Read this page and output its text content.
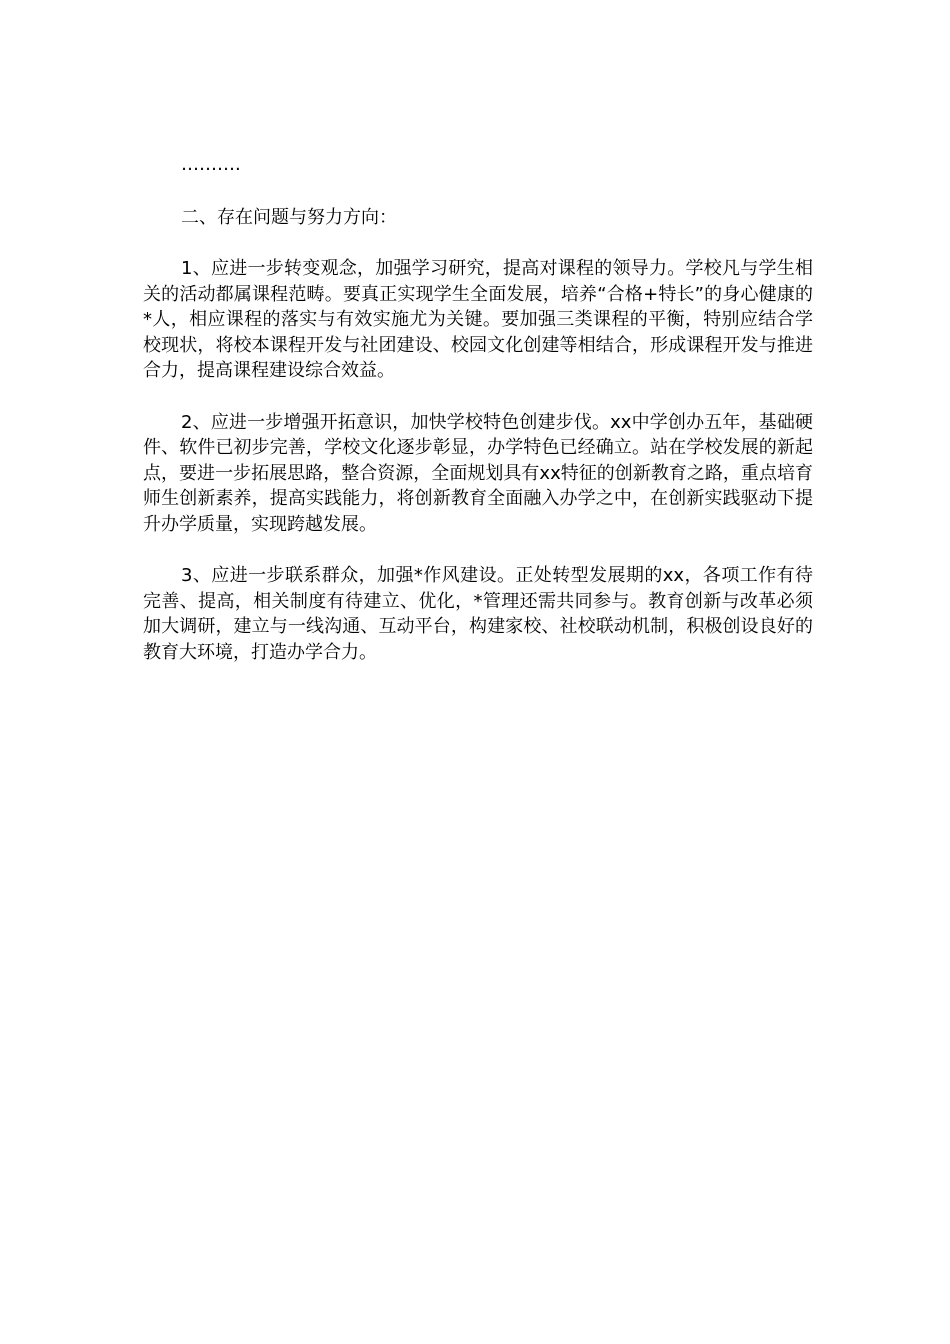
……….

二、存在问题与努力方向：

1、应进一步转变观念，加强学习研究，提高对课程的领导力。学校凡与学生相关的活动都属课程范畴。要真正实现学生全面发展，培养“合格+特长”的身心健康的*人，相应课程的落实与有效实施尤为关键。要加强三类课程的平衡，特别应结合学校现状，将校本课程开发与社团建设、校园文化创建等相结合，形成课程开发与推进合力，提高课程建设综合效益。

2、应进一步增强开拓意识，加快学校特色创建步伐。xx中学创办五年，基础硬件、软件已初步完善，学校文化逐步彰显，办学特色已经确立。站在学校发展的新起点，要进一步拓展思路，整合资源，全面规划具有xx特征的创新教育之路，重点培育师生创新素养，提高实践能力，将创新教育全面融入办学之中，在创新实践驱动下提升办学质量，实现跨越发展。

3、应进一步联系群众，加强*作风建设。正处转型发展期的xx，各项工作有待完善、提高，相关制度有待建立、优化，*管理还需共同参与。教育创新与改革必须加大调研，建立与一线沟通、互动平台，构建家校、社校联动机制，积极创设良好的教育大环境，打造办学合力。
